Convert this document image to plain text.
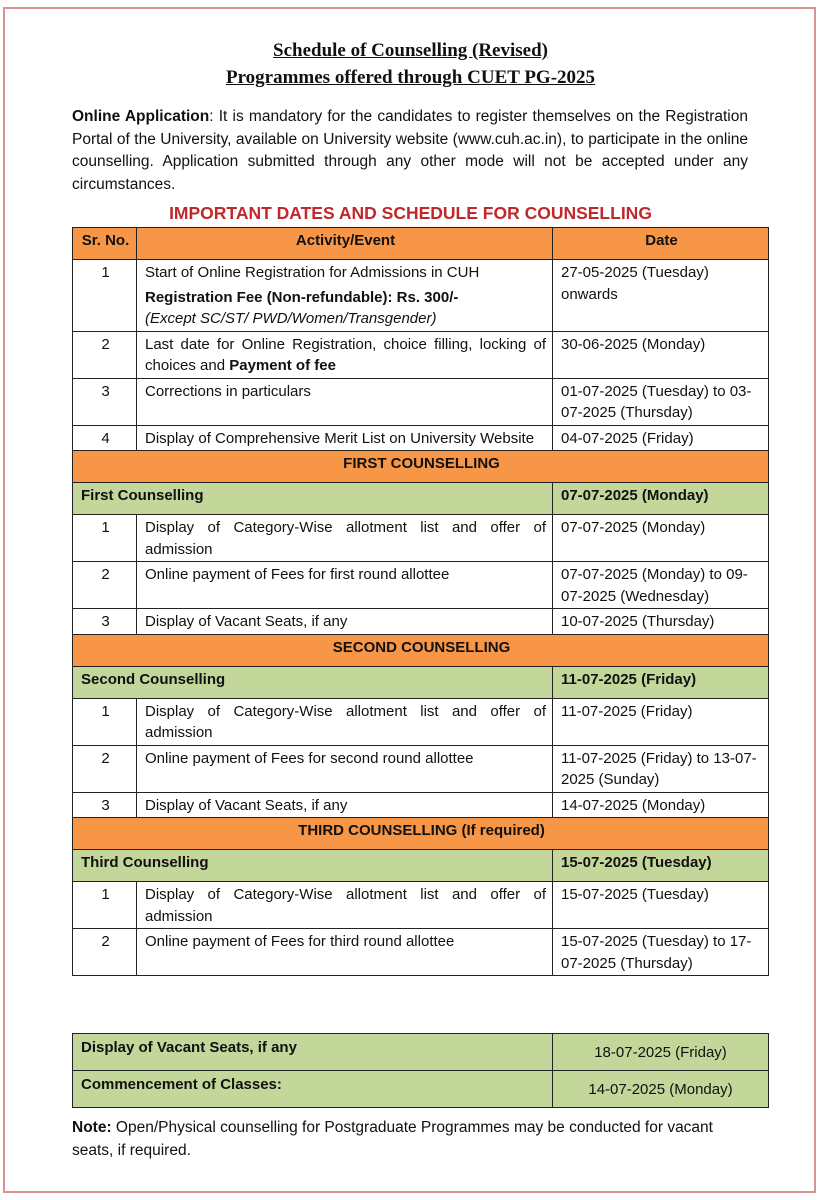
Schedule of Counselling (Revised)
Programmes offered through CUET PG-2025
Online Application: It is mandatory for the candidates to register themselves on the Registration Portal of the University, available on University website (www.cuh.ac.in), to participate in the online counselling. Application submitted through any other mode will not be accepted under any circumstances.
IMPORTANT DATES AND SCHEDULE FOR COUNSELLING
Sr. No.	Activity/Event	Date
1	Start of Online Registration for Admissions in CUH
Registration Fee (Non-refundable): Rs. 300/-
(Except SC/ST/ PWD/Women/Transgender)	27-05-2025 (Tuesday) onwards
2	Last date for Online Registration, choice filling, locking of choices and Payment of fee	30-06-2025 (Monday)
3	Corrections in particulars	01-07-2025 (Tuesday) to 03-07-2025 (Thursday)
4	Display of Comprehensive Merit List on University Website	04-07-2025 (Friday)
FIRST COUNSELLING		
First Counselling		07-07-2025 (Monday)
1	Display of Category-Wise allotment list and offer of admission	07-07-2025 (Monday)
2	Online payment of Fees for first round allottee	07-07-2025 (Monday) to 09-07-2025 (Wednesday)
3	Display of Vacant Seats, if any	10-07-2025 (Thursday)
SECOND COUNSELLING		
Second Counselling		11-07-2025 (Friday)
1	Display of Category-Wise allotment list and offer of admission	11-07-2025 (Friday)
2	Online payment of Fees for second round allottee	11-07-2025 (Friday) to 13-07-2025 (Sunday)
3	Display of Vacant Seats, if any	14-07-2025 (Monday)
THIRD COUNSELLING (If required)		
Third Counselling		15-07-2025 (Tuesday)
1	Display of Category-Wise allotment list and offer of admission	15-07-2025 (Tuesday)
2	Online payment of Fees for third round allottee	15-07-2025 (Tuesday) to 17-07-2025 (Thursday)
Display of Vacant Seats, if any	18-07-2025 (Friday)
Commencement of Classes:	14-07-2025 (Monday)
Note: Open/Physical counselling for Postgraduate Programmes may be conducted for vacant seats, if required.
